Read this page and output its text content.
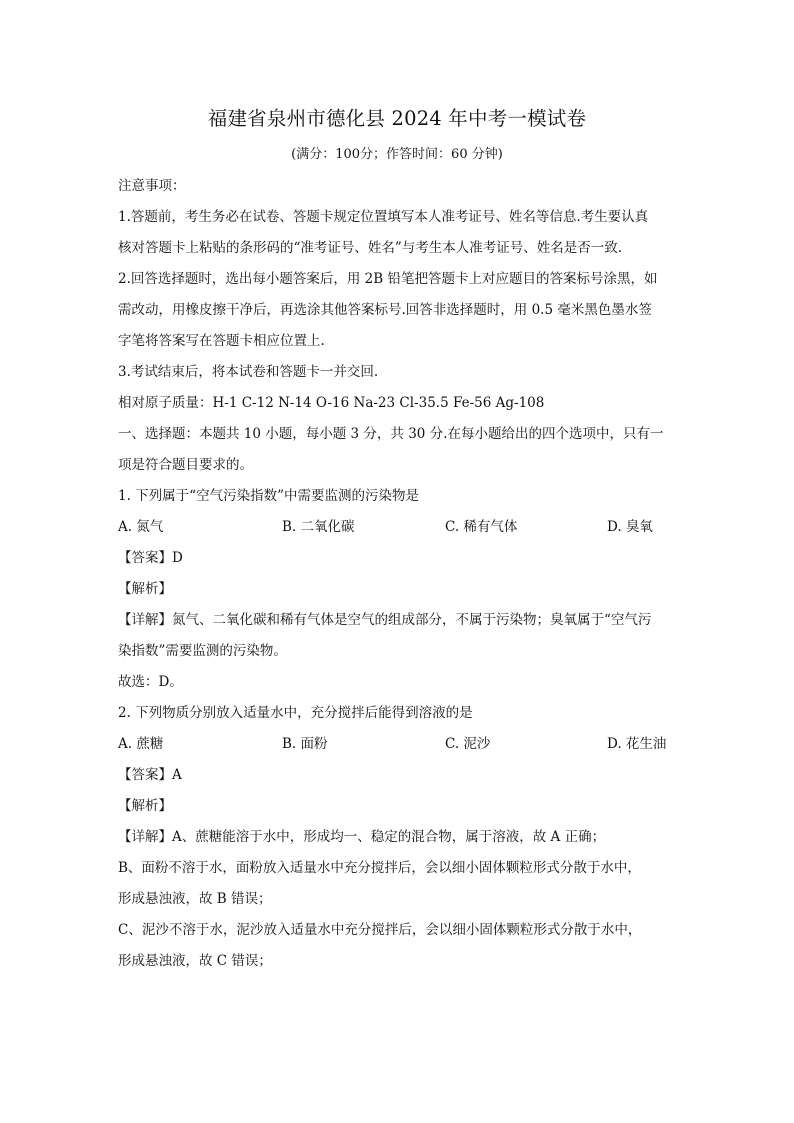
福建省泉州市德化县 2024 年中考一模试卷

(满分：100分；作答时间：60 分钟)

注意事项：

1.答题前，考生务必在试卷、答题卡规定位置填写本人准考证号、姓名等信息.考生要认真

核对答题卡上粘贴的条形码的“准考证号、姓名”与考生本人准考证号、姓名是否一致.

2.回答选择题时，选出每小题答案后，用 2B 铅笔把答题卡上对应题目的答案标号涂黑，如

需改动，用橡皮擦干净后，再选涂其他答案标号.回答非选择题时，用 0.5 毫米黑色墨水签

字笔将答案写在答题卡相应位置上.

3.考试结束后，将本试卷和答题卡一并交回.

相对原子质量：H-1 C-12 N-14 O-16 Na-23 Cl-35.5 Fe-56 Ag-108

一、选择题：本题共 10 小题，每小题 3 分，共 30 分.在每小题给出的四个选项中，只有一

项是符合题目要求的。

1. 下列属于“空气污染指数”中需要监测的污染物是

A. 氮气	B. 二氧化碳	C. 稀有气体	D. 臭氧

【答案】D

【解析】

【详解】氮气、二氧化碳和稀有气体是空气的组成部分，不属于污染物；臭氧属于“空气污

染指数”需要监测的污染物。

故选：D。

2. 下列物质分别放入适量水中，充分搅拌后能得到溶液的是

A. 蔗糖	B. 面粉	C. 泥沙	D. 花生油

【答案】A

【解析】

【详解】A、蔗糖能溶于水中，形成均一、稳定的混合物，属于溶液，故 A 正确；

B、面粉不溶于水，面粉放入适量水中充分搅拌后，会以细小固体颗粒形式分散于水中，

形成悬浊液，故 B 错误；

C、泥沙不溶于水，泥沙放入适量水中充分搅拌后，会以细小固体颗粒形式分散于水中，

形成悬浊液，故 C 错误；
